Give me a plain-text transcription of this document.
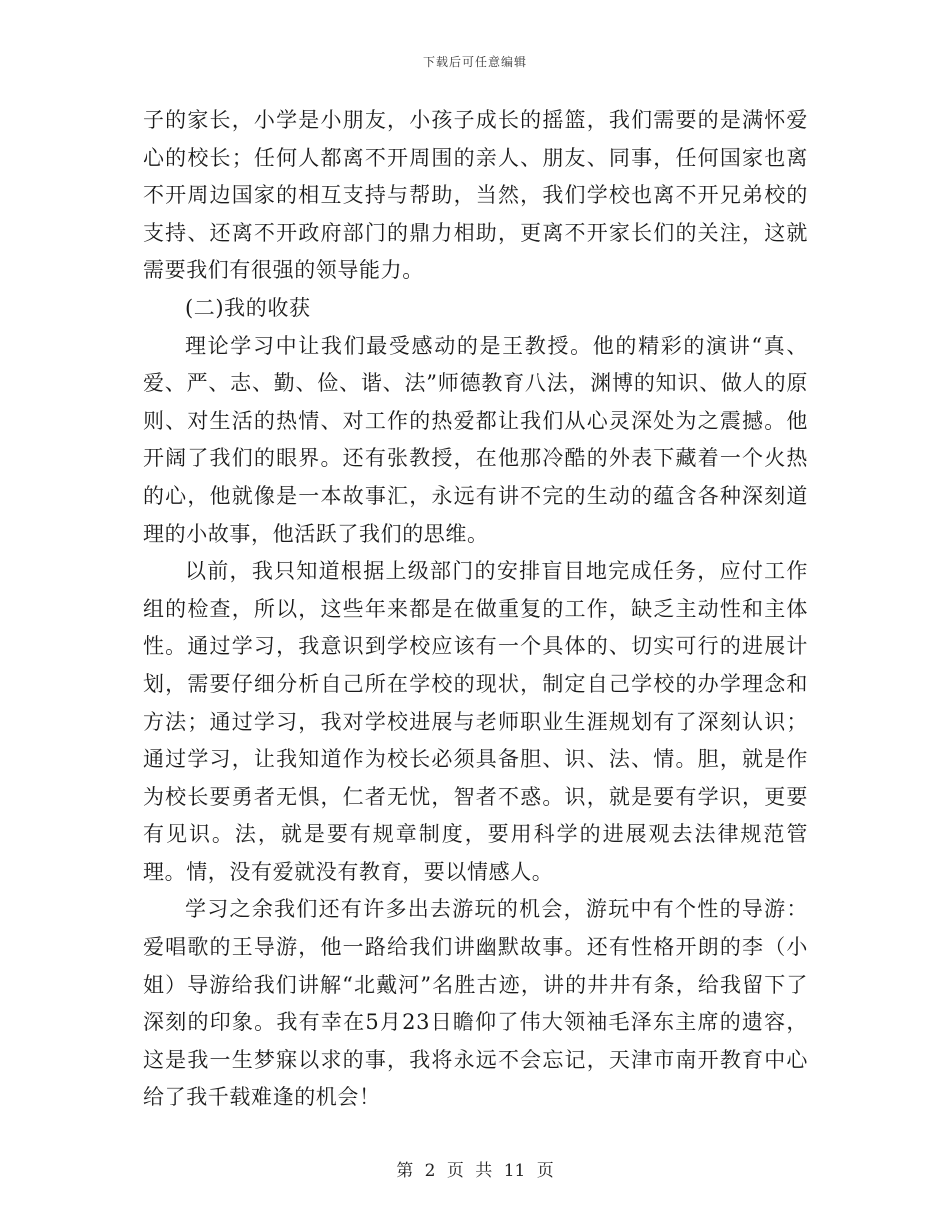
下载后可任意编辑

子的家长，小学是小朋友，小孩子成长的摇篮，我们需要的是满怀爱心的校长；任何人都离不开周围的亲人、朋友、同事，任何国家也离不开周边国家的相互支持与帮助，当然，我们学校也离不开兄弟校的支持、还离不开政府部门的鼎力相助，更离不开家长们的关注，这就需要我们有很强的领导能力。

(二)我的收获

理论学习中让我们最受感动的是王教授。他的精彩的演讲“真、爱、严、志、勤、俭、谐、法”师德教育八法，渊博的知识、做人的原则、对生活的热情、对工作的热爱都让我们从心灵深处为之震撼。他开阔了我们的眼界。还有张教授，在他那冷酷的外表下藏着一个火热的心，他就像是一本故事汇，永远有讲不完的生动的蕴含各种深刻道理的小故事，他活跃了我们的思维。

以前，我只知道根据上级部门的安排盲目地完成任务，应付工作组的检查，所以，这些年来都是在做重复的工作，缺乏主动性和主体性。通过学习，我意识到学校应该有一个具体的、切实可行的进展计划，需要仔细分析自己所在学校的现状，制定自己学校的办学理念和方法；通过学习，我对学校进展与老师职业生涯规划有了深刻认识；通过学习，让我知道作为校长必须具备胆、识、法、情。胆，就是作为校长要勇者无惧，仁者无忧，智者不惑。识，就是要有学识，更要有见识。法，就是要有规章制度，要用科学的进展观去法律规范管理。情，没有爱就没有教育，要以情感人。

学习之余我们还有许多出去游玩的机会，游玩中有个性的导游：爱唱歌的王导游，他一路给我们讲幽默故事。还有性格开朗的李（小姐）导游给我们讲解“北戴河”名胜古迹，讲的井井有条，给我留下了深刻的印象。我有幸在5月23日瞻仰了伟大领袖毛泽东主席的遗容，这是我一生梦寐以求的事，我将永远不会忘记，天津市南开教育中心给了我千载难逢的机会！

第 2 页 共 11 页
